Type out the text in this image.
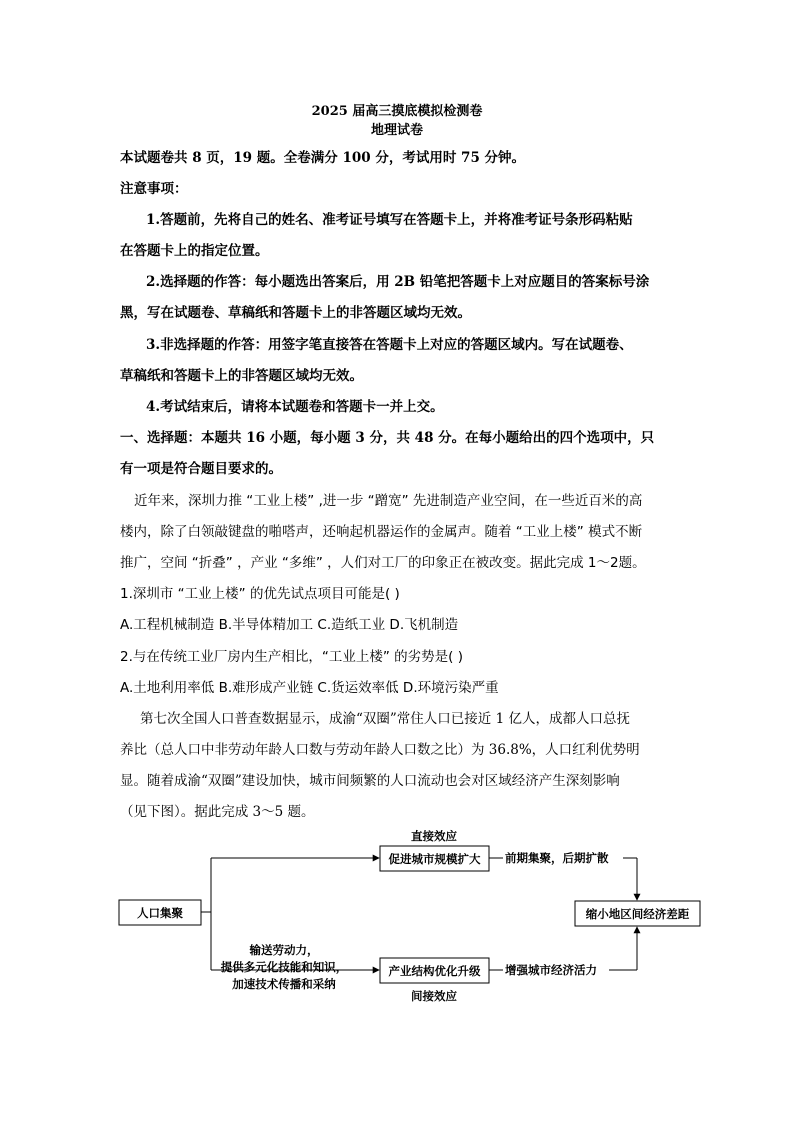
2025 届高三摸底模拟检测卷
地理试卷
本试题卷共 8 页，19 题。全卷满分 100 分，考试用时 75 分钟。
注意事项：
1.答题前，先将自己的姓名、准考证号填写在答题卡上，并将准考证号条形码粘贴
在答题卡上的指定位置。
2.选择题的作答：每小题选出答案后，用 2B 铅笔把答题卡上对应题目的答案标号涂
黑，写在试题卷、草稿纸和答题卡上的非答题区域均无效。
3.非选择题的作答：用签字笔直接答在答题卡上对应的答题区域内。写在试题卷、
草稿纸和答题卡上的非答题区域均无效。
4.考试结束后，请将本试题卷和答题卡一并上交。
一、选择题：本题共 16 小题，每小题 3 分，共 48 分。在每小题给出的四个选项中，只
有一项是符合题目要求的。
近年来，深圳力推 “工业上楼” ,进一步 “蹭宽” 先进制造产业空间，在一些近百米的高
楼内，除了白领敲键盘的啪嗒声，还响起机器运作的金属声。随着 “工业上楼” 模式不断
推广，空间 “折叠” ，产业 “多维” ，人们对工厂的印象正在被改变。据此完成 1～2题。
1.深圳市 “工业上楼” 的优先试点项目可能是( )
A.工程机械制造 B.半导体精加工 C.造纸工业 D.飞机制造
2.与在传统工业厂房内生产相比，“工业上楼” 的劣势是( )
A.土地利用率低 B.难形成产业链 C.货运效率低 D.环境污染严重
第七次全国人口普查数据显示，成渝“双圈”常住人口已接近 1 亿人，成都人口总抚
养比（总人口中非劳动年龄人口数与劳动年龄人口数之比）为 36.8%，人口红利优势明
显。随着成渝“双圈”建设加快，城市间频繁的人口流动也会对区域经济产生深刻影响
（见下图）。据此完成 3～5 题。
人口集聚
促进城市规模扩大
产业结构优化升级
缩小地区间经济差距
直接效应
间接效应
前期集聚，后期扩散
增强城市经济活力
输送劳动力，
提供多元化技能和知识，
加速技术传播和采纳
